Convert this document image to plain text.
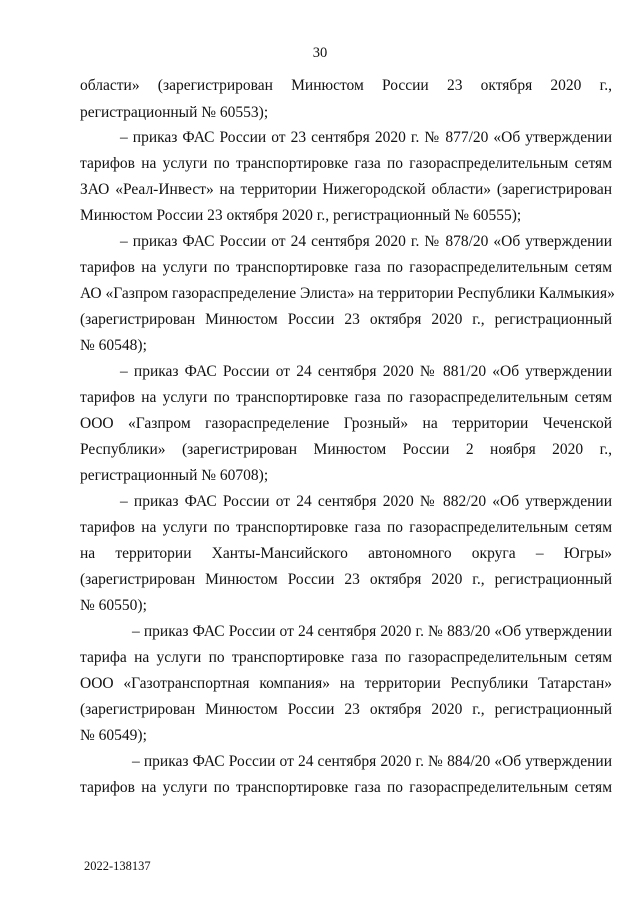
30
области» (зарегистрирован Минюстом России 23 октября 2020 г.,
регистрационный № 60553);
– приказ ФАС России от 23 сентября 2020 г. № 877/20 «Об утверждении
тарифов на услуги по транспортировке газа по газораспределительным сетям
ЗАО «Реал-Инвест» на территории Нижегородской области» (зарегистрирован
Минюстом России 23 октября 2020 г., регистрационный № 60555);
– приказ ФАС России от 24 сентября 2020 г. № 878/20 «Об утверждении
тарифов на услуги по транспортировке газа по газораспределительным сетям
АО «Газпром газораспределение Элиста» на территории Республики Калмыкия»
(зарегистрирован Минюстом России 23 октября 2020 г., регистрационный
№ 60548);
– приказ ФАС России от 24 сентября 2020 № 881/20 «Об утверждении
тарифов на услуги по транспортировке газа по газораспределительным сетям
ООО «Газпром газораспределение Грозный» на территории Чеченской
Республики» (зарегистрирован Минюстом России 2 ноября 2020 г.,
регистрационный № 60708);
– приказ ФАС России от 24 сентября 2020 № 882/20 «Об утверждении
тарифов на услуги по транспортировке газа по газораспределительным сетям
на территории Ханты-Мансийского автономного округа – Югры»
(зарегистрирован Минюстом России 23 октября 2020 г., регистрационный
№ 60550);
– приказ ФАС России от 24 сентября 2020 г. № 883/20 «Об утверждении
тарифа на услуги по транспортировке газа по газораспределительным сетям
ООО «Газотранспортная компания» на территории Республики Татарстан»
(зарегистрирован Минюстом России 23 октября 2020 г., регистрационный
№ 60549);
– приказ ФАС России от 24 сентября 2020 г. № 884/20 «Об утверждении
тарифов на услуги по транспортировке газа по газораспределительным сетям
2022-138137
